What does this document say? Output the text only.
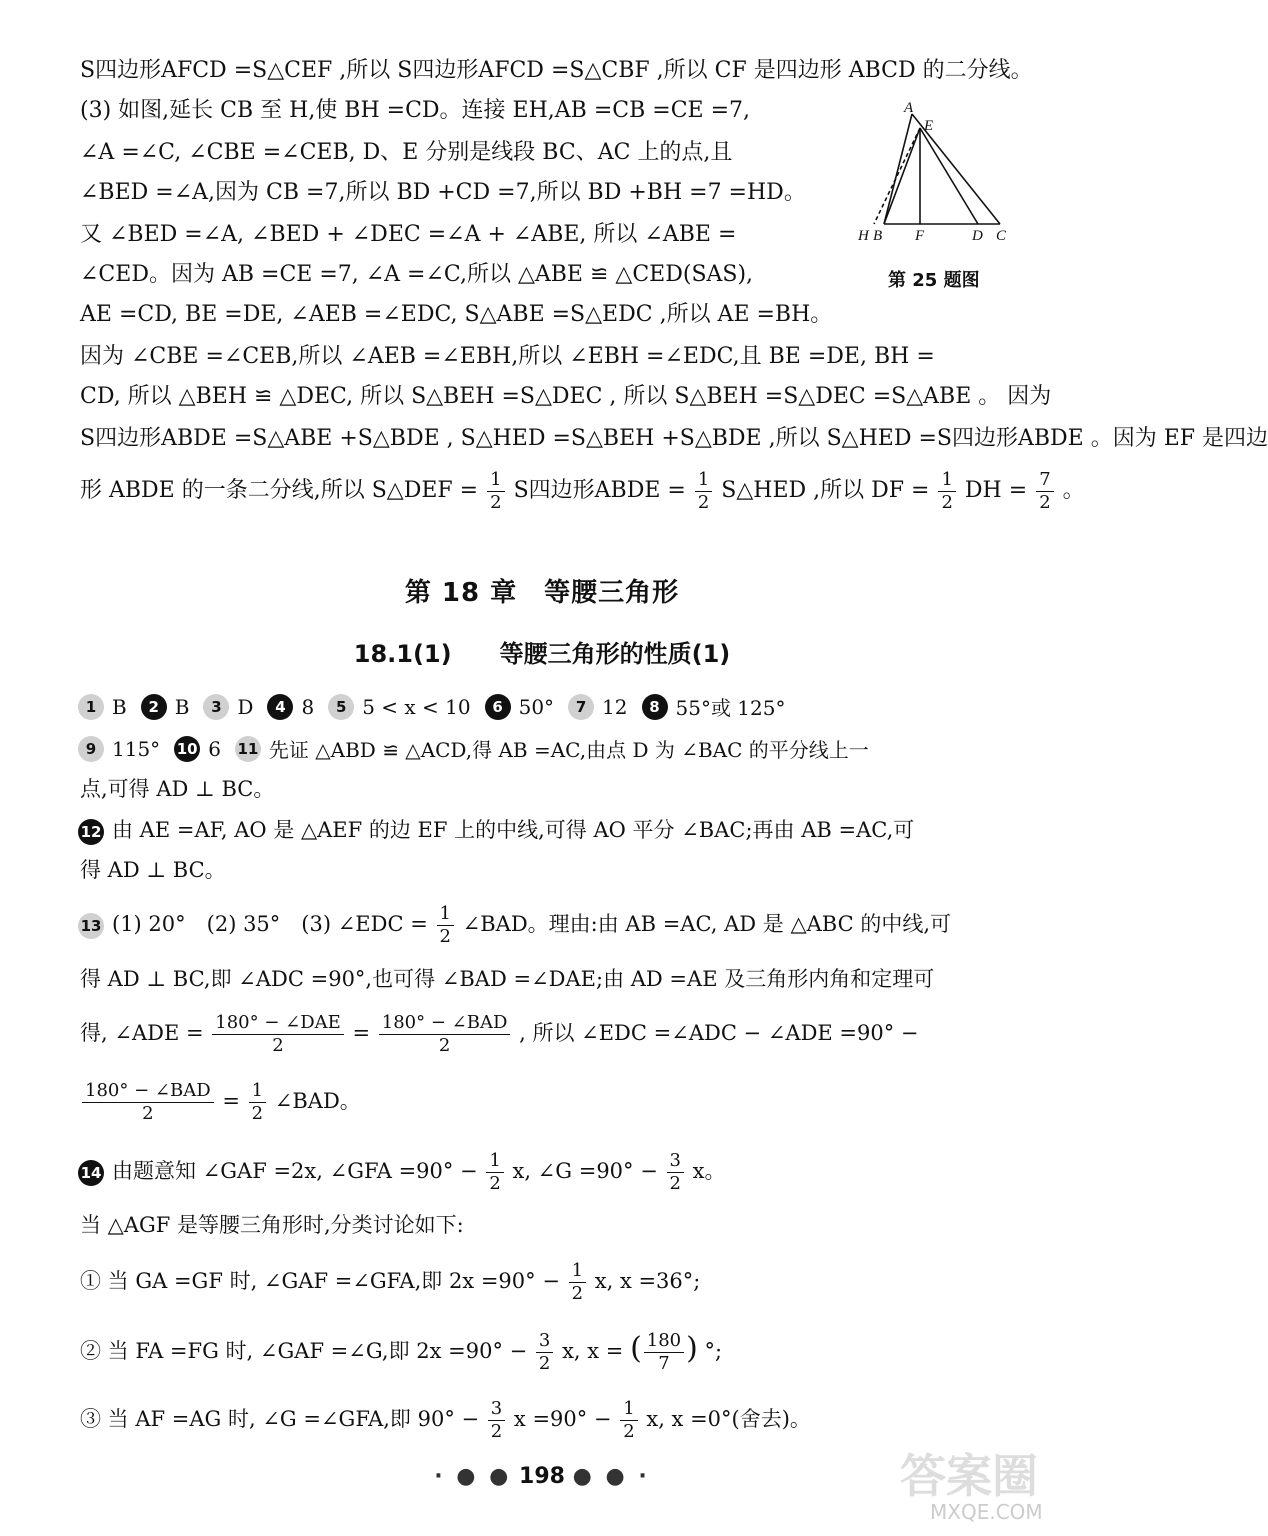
S四边形AFCD =S△CEF ,所以 S四边形AFCD =S△CBF ,所以 CF 是四边形 ABCD 的二分线。
(3) 如图,延长 CB 至 H,使 BH =CD。连接 EH,AB =CB =CE =7,
∠A =∠C, ∠CBE =∠CEB, D、E 分别是线段 BC、AC 上的点,且
∠BED =∠A,因为 CB =7,所以 BD +CD =7,所以 BD +BH =7 =HD。
又 ∠BED =∠A, ∠BED + ∠DEC =∠A + ∠ABE, 所以 ∠ABE =
∠CED。因为 AB =CE =7, ∠A =∠C,所以 △ABE ≌ △CED(SAS),
AE =CD, BE =DE, ∠AEB =∠EDC, S△ABE =S△EDC ,所以 AE =BH。
因为 ∠CBE =∠CEB,所以 ∠AEB =∠EBH,所以 ∠EBH =∠EDC,且 BE =DE, BH =
CD, 所以 △BEH ≌ △DEC, 所以 S△BEH =S△DEC , 所以 S△BEH =S△DEC =S△ABE 。 因为
S四边形ABDE =S△ABE +S△BDE , S△HED =S△BEH +S△BDE ,所以 S△HED =S四边形ABDE 。因为 EF 是四边
形 ABDE 的一条二分线,所以 S△DEF = $\frac{1}{2}$ S四边形ABDE = $\frac{1}{2}$ S△HED ,所以 DF = $\frac{1}{2}$ DH = $\frac{7}{2}$ 。
A
E
H B F	D C
第 25 题图
第 18 章　等腰三角形
18.1(1)　　等腰三角形的性质(1)
1 B	2 B	3 D	4 8	5 5 < x < 10	6 50°	7 12	8 55°或 125°
9 115° 10 6 11 先证 △ABD ≌ △ACD,得 AB =AC,由点 D 为 ∠BAC 的平分线上一
点,可得 AD ⊥ BC。
12 由 AE =AF, AO 是 △AEF 的边 EF 上的中线,可得 AO 平分 ∠BAC;再由 AB =AC,可
得 AD ⊥ BC。
13 (1) 20°　(2) 35°　(3) ∠EDC = $\frac{1}{2}$ ∠BAD。理由:由 AB =AC, AD 是 △ABC 的中线,可
得 AD ⊥ BC,即 ∠ADC =90°,也可得 ∠BAD =∠DAE;由 AD =AE 及三角形内角和定理可
得, ∠ADE = $\frac{\text{180° − ∠DAE}}{2} = \frac{\text{180° − ∠BAD}}{2}$ , 所以 ∠EDC =∠ADC − ∠ADE =90° −
$\frac{\text{180° − ∠BAD}}{2} = \frac{1}{2}$ ∠BAD。
14 由题意知 ∠GAF =2x, ∠GFA $=90^\circ - \frac{1}{2} x$, ∠G $=90^\circ - \frac{3}{2}$ x。
当 △AGF 是等腰三角形时,分类讨论如下:
① 当 GA =GF 时, ∠GAF =∠GFA,即 $2x =90^\circ - \frac{1}{2} x$, x =36°;
② 当 FA =FG 时, ∠GAF =∠G,即 $2x =90^\circ - \frac{3}{2} x$, x = ( $\frac{180}{7}$ ) °;
③ 当 AF =AG 时, ∠G =∠GFA,即 $90^\circ - \frac{3}{2}$ $x =90^\circ - \frac{1}{2} x$, x =0°(舍去)。
· ● ● 198 ● ● ·	答案圈
MXQE.COM
